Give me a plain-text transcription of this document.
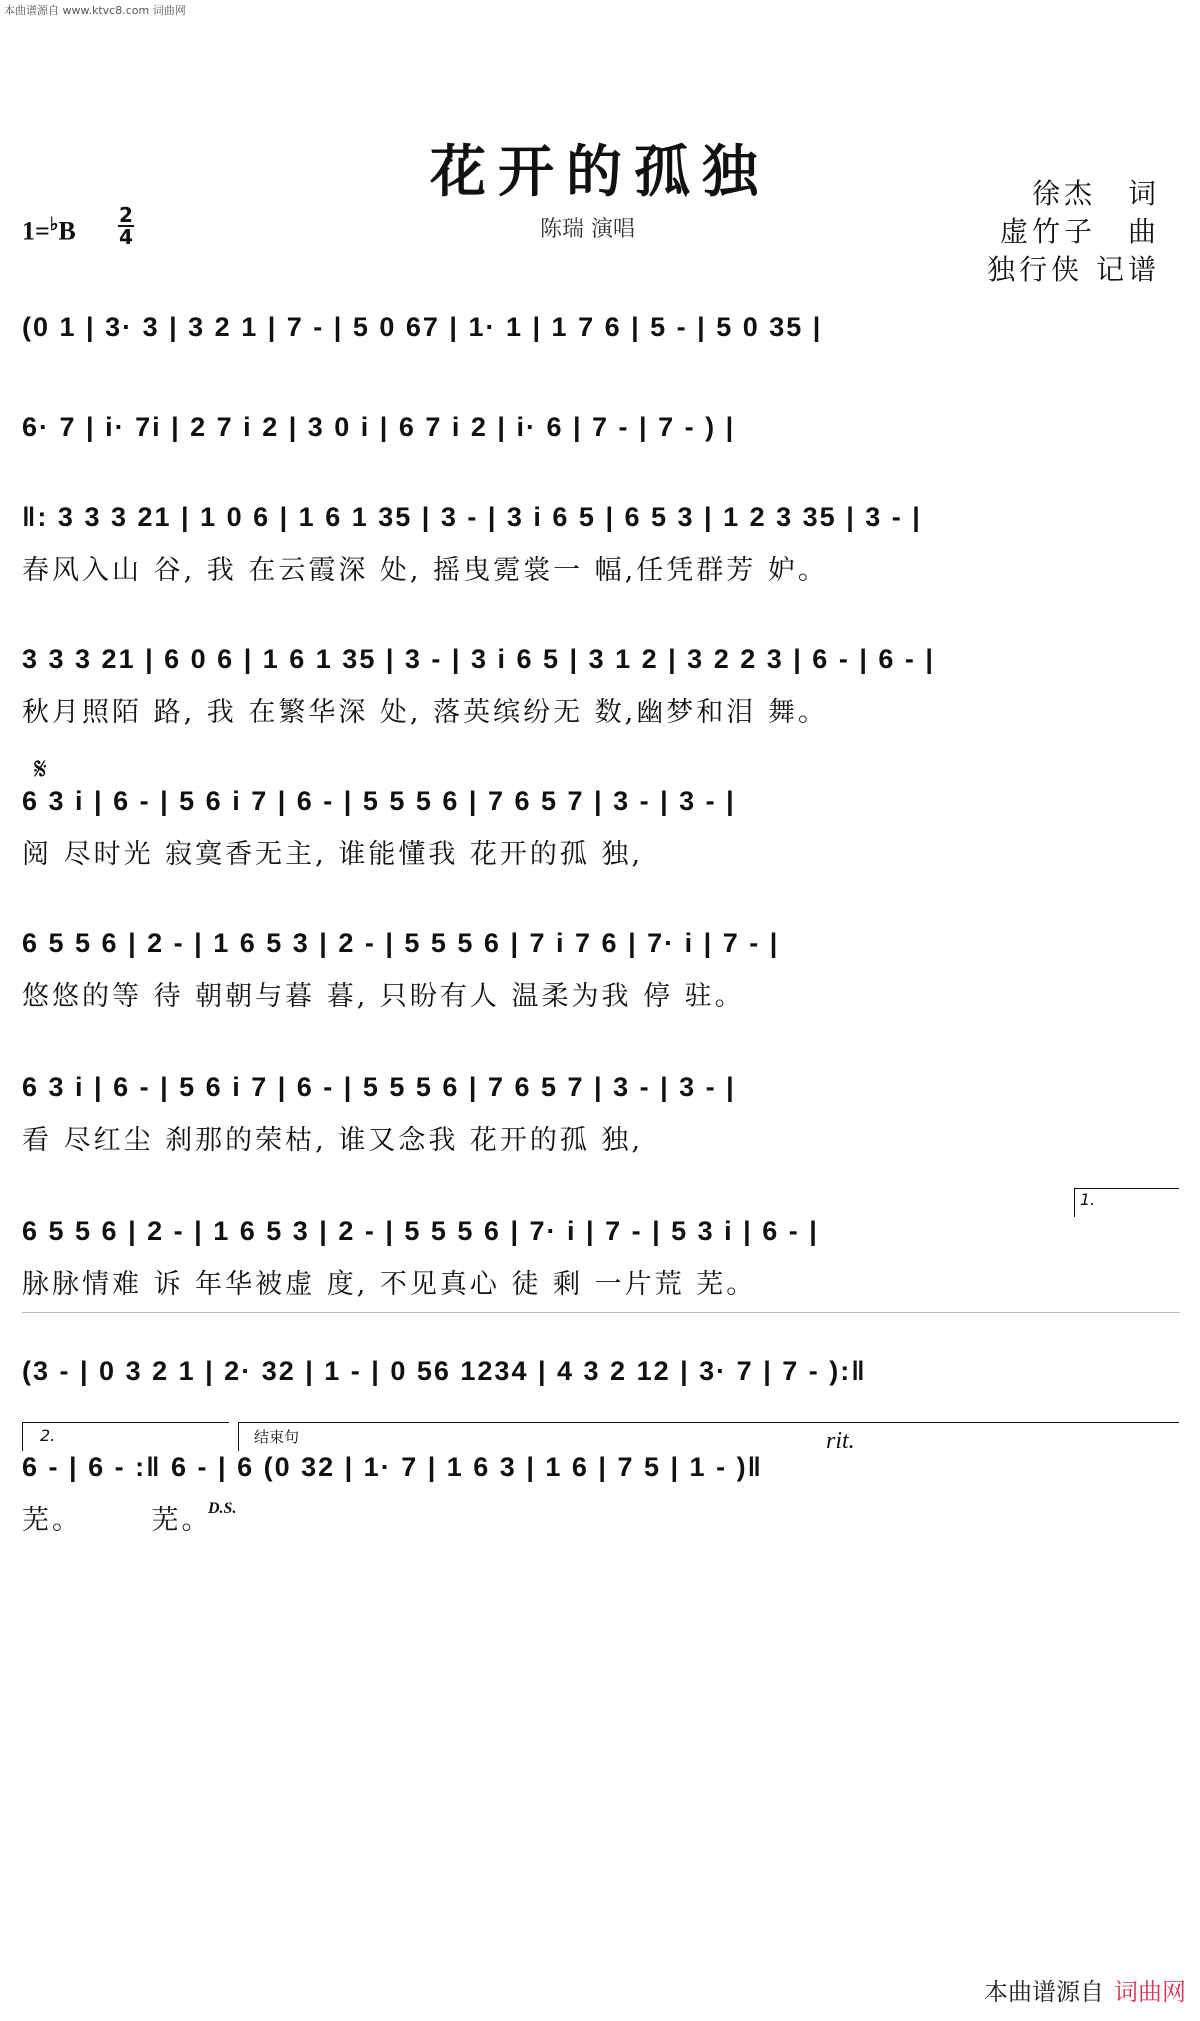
本曲谱源自 www.ktvc8.com 词曲网
花开的孤独
陈瑞 演唱
1=♭B
2
4
徐杰　词
虚竹子　曲
独行侠 记谱
𝄋
(0 1 | 3· 3 | 3 2 1 | 7 - | 5 0 67 | 1· 1 | 1 7 6 | 5 - | 5 0 35 |
6· 7 | i· 7i | 2 7 i 2 | 3 0 i | 6 7 i 2 | i· 6 | 7 - | 7 - ) |
‖: 3 3 3 21 | 1 0 6 | 1 6 1 35 | 3 - | 3 i 6 5 | 6 5 3 | 1 2 3 35 | 3 - |
春风入山 谷, 我 在云霞深 处, 摇曳霓裳一 幅,任凭群芳 妒。
3 3 3 21 | 6 0 6 | 1 6 1 35 | 3 - | 3 i 6 5 | 3 1 2 | 3 2 2 3 | 6 - | 6 - |
秋月照陌 路, 我 在繁华深 处, 落英缤纷无 数,幽梦和泪 舞。
6 3 i | 6 - | 5 6 i 7 | 6 - | 5 5 5 6 | 7 6 5 7 | 3 - | 3 - |
阅 尽时光 寂寞香无主, 谁能懂我 花开的孤 独,
6 5 5 6 | 2 - | 1 6 5 3 | 2 - | 5 5 5 6 | 7 i 7 6 | 7· i | 7 - |
悠悠的等 待 朝朝与暮 暮, 只盼有人 温柔为我 停 驻。
6 3 i | 6 - | 5 6 i 7 | 6 - | 5 5 5 6 | 7 6 5 7 | 3 - | 3 - |
看 尽红尘 刹那的荣枯, 谁又念我 花开的孤 独,
1.
6 5 5 6 | 2 - | 1 6 5 3 | 2 - | 5 5 5 6 | 7· i | 7 - | 5 3 i | 6 - |
脉脉情难 诉 年华被虚 度, 不见真心 徒 剩 一片荒 芜。
(3 - | 0 3 2 1 | 2· 32 | 1 - | 0 56 1234 | 4 3 2 12 | 3· 7 | 7 - ):‖
2.	结束句	rit.
6 - | 6 - :‖ 6 - | 6 (0 32 | 1· 7 | 1 6 3 | 1 6 | 7 5 | 1 - )‖
芜。      芜。
D.S.
本曲谱源自 词曲网
